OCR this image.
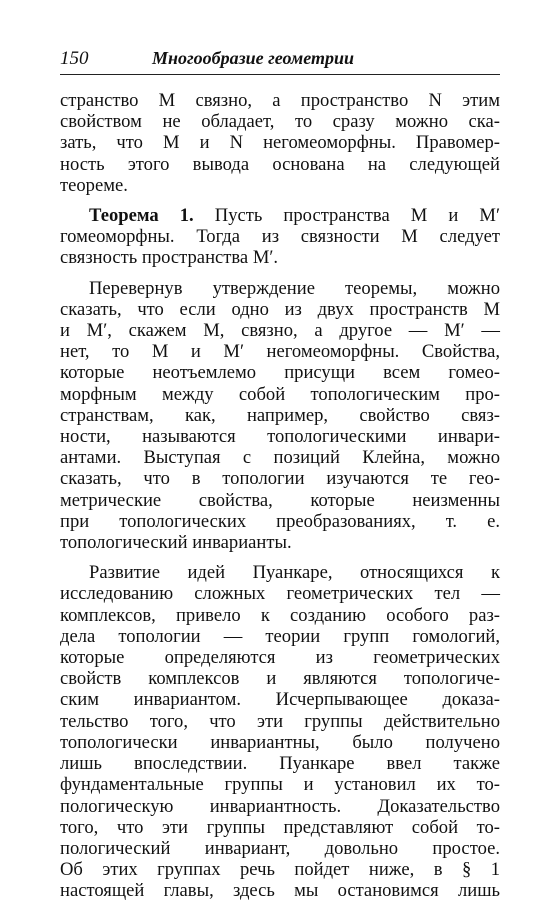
150	Многообразие геометрии

странство M связно, а пространство N этим

свойством не обладает, то сразу можно ска-

зать, что M и N негомеоморфны. Правомер-

ность этого вывода основана на следующей

теореме.

Теорема 1. Пусть пространства M и M′

гомеоморфны. Тогда из связности M следует

связность пространства M′.

Перевернув утверждение теоремы, можно

сказать, что если одно из двух пространств M

и M′, скажем M, связно, а другое — M′ —

нет, то M и M′ негомеоморфны. Свойства,

которые неотъемлемо присущи всем гомео-

морфным между собой топологическим про-

странствам, как, например, свойство связ-

ности, называются топологическими инвари-

антами. Выступая с позиций Клейна, можно

сказать, что в топологии изучаются те гео-

метрические свойства, которые неизменны

при топологических преобразованиях, т. е.

топологический инварианты.

Развитие идей Пуанкаре, относящихся к

исследованию сложных геометрических тел —

комплексов, привело к созданию особого раз-

дела топологии — теории групп гомологий,

которые определяются из геометрических

свойств комплексов и являются топологиче-

ским инвариантом. Исчерпывающее доказа-

тельство того, что эти группы действительно

топологически инвариантны, было получено

лишь впоследствии. Пуанкаре ввел также

фундаментальные группы и установил их то-

пологическую инвариантность. Доказательство

того, что эти группы представляют собой то-

пологический инвариант, довольно простое.

Об этих группах речь пойдет ниже, в § 1

настоящей главы, здесь мы остановимся лишь
